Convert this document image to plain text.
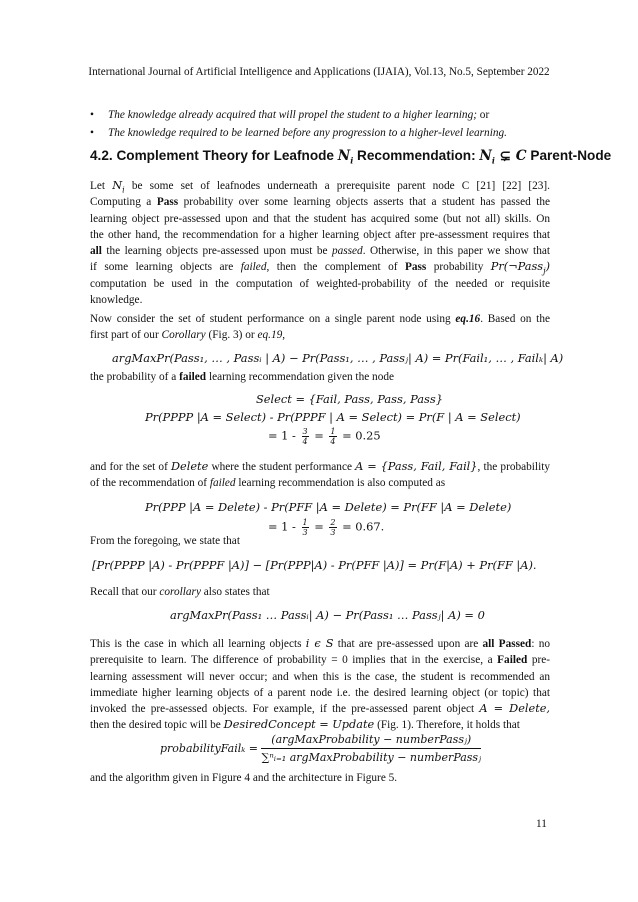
International Journal of Artificial Intelligence and Applications (IJAIA), Vol.13, No.5, September 2022
• The knowledge already acquired that will propel the student to a higher learning; or
• The knowledge required to be learned before any progression to a higher-level learning.
4.2. Complement Theory for Leafnode $N_i$ Recommendation: $N_i$ ⊊ C Parent-Node
Let $N_i$ be some set of leafnodes underneath a prerequisite parent node C [21] [22] [23].
Computing a Pass probability over some learning objects asserts that a student has passed the
learning object pre-assessed upon and that the student has acquired some (but not all) skills. On
the other hand, the recommendation for a higher learning object after pre-assessment requires that
all the learning objects pre-assessed upon must be passed. Otherwise, in this paper we show that
if some learning objects are failed, then the complement of Pass probability Pr(¬Pass$_j$)
computation be used in the computation of weighted-probability of the needed or requisite
knowledge.
Now consider the set of student performance on a single parent node using eq.16. Based on the
first part of our Corollary (Fig. 3) or eq.19,
argMaxPr(Pass₁, … , Passᵢ | A) − Pr(Pass₁, … , Passⱼ| A) = Pr(Fail₁, … , Failₖ| A)
the probability of a failed learning recommendation given the node
Select = {Fail, Pass, Pass, Pass}
Pr(PPPP |A = Select) - Pr(PPPF | A = Select) = Pr(F | A = Select)
= $1 - \frac{3}{4} = \frac{1}{4} = 0.25$
and for the set of Delete where the student performance A = {Pass, Fail, Fail}, the probability
of the recommendation of failed learning recommendation is also computed as
Pr(PPP |A = Delete) - Pr(PFF |A = Delete) = Pr(FF |A = Delete)
= $1 - \frac{1}{3} = \frac{2}{3} = 0.67$.
From the foregoing, we state that
[Pr(PPPP |A) - Pr(PPPF |A)] − [Pr(PPP|A) - Pr(PFF |A)] = Pr(F|A) + Pr(FF |A).
Recall that our corollary also states that
argMaxPr(Pass₁ … Passᵢ| A) − Pr(Pass₁ … Passⱼ| A) = 0
This is the case in which all learning objects i ϵ S that are pre-assessed upon are all Passed: no
prerequisite to learn. The difference of probability = 0 implies that in the exercise, a Failed pre-
learning assessment will never occur; and when this is the case, the student is recommended an
immediate higher learning objects of a parent node i.e. the desired learning object (or topic) that
invoked the pre-assessed objects. For example, if the pre-assessed parent object A = Delete,
then the desired topic will be DesiredConcept = Update (Fig. 1). Therefore, it holds that
probabilityFailₖ =
(argMaxProbability − numberPassⱼ)
∑ⁿᵢ₌₁ argMaxProbability − numberPassⱼ
and the algorithm given in Figure 4 and the architecture in Figure 5.
11
